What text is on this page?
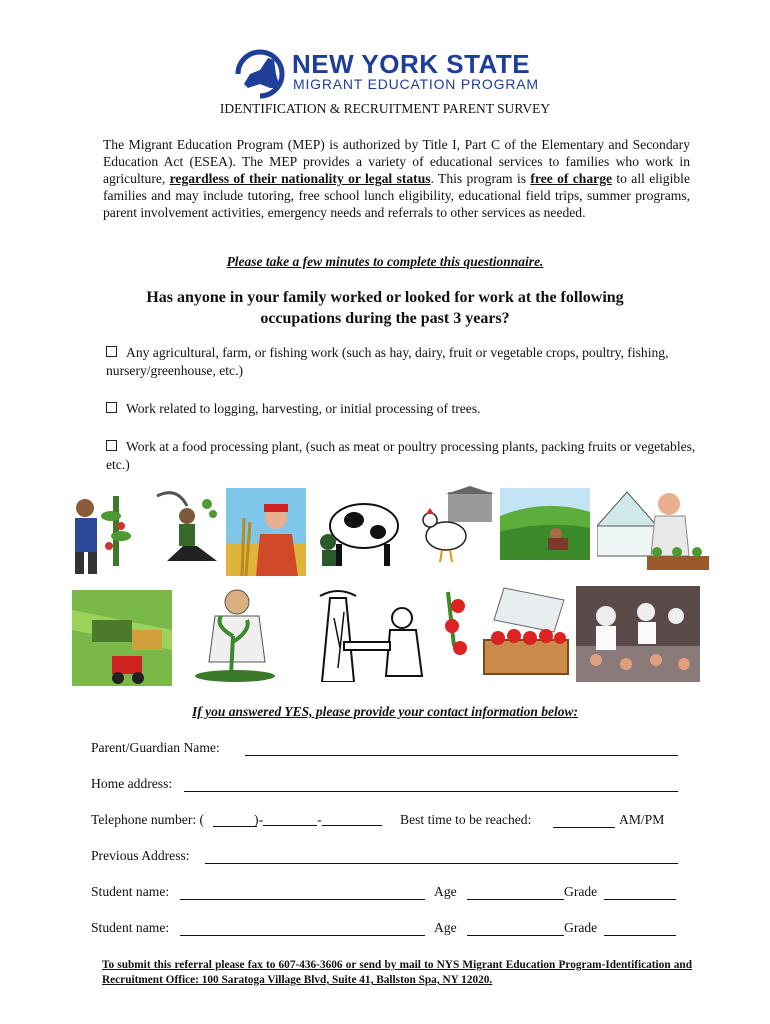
NEW YORK STATE
MIGRANT EDUCATION PROGRAM
IDENTIFICATION & RECRUITMENT PARENT SURVEY
The Migrant Education Program (MEP) is authorized by Title I, Part C of the Elementary and Secondary Education Act (ESEA). The MEP provides a variety of educational services to families who work in agriculture, regardless of their nationality or legal status. This program is free of charge to all eligible families and may include tutoring, free school lunch eligibility, educational field trips, summer programs, parent involvement activities, emergency needs and referrals to other services as needed.
Please take a few minutes to complete this questionnaire.
Has anyone in your family worked or looked for work at the following occupations during the past 3 years?
Any agricultural, farm, or fishing work (such as hay, dairy, fruit or vegetable crops, poultry, fishing, nursery/greenhouse, etc.)
Work related to logging, harvesting, or initial processing of trees.
Work at a food processing plant, (such as meat or poultry processing plants, packing fruits or vegetables, etc.)
If you answered YES, please provide your contact information below:
Parent/Guardian Name:
Home address:
Telephone number: (	)-	-	Best time to be reached:	AM/PM
Previous Address:
Student name:	Age	Grade
Student name:	Age	Grade
To submit this referral please fax to 607-436-3606 or send by mail to NYS Migrant Education Program-Identification and Recruitment Office: 100 Saratoga Village Blvd, Suite 41, Ballston Spa, NY 12020.
